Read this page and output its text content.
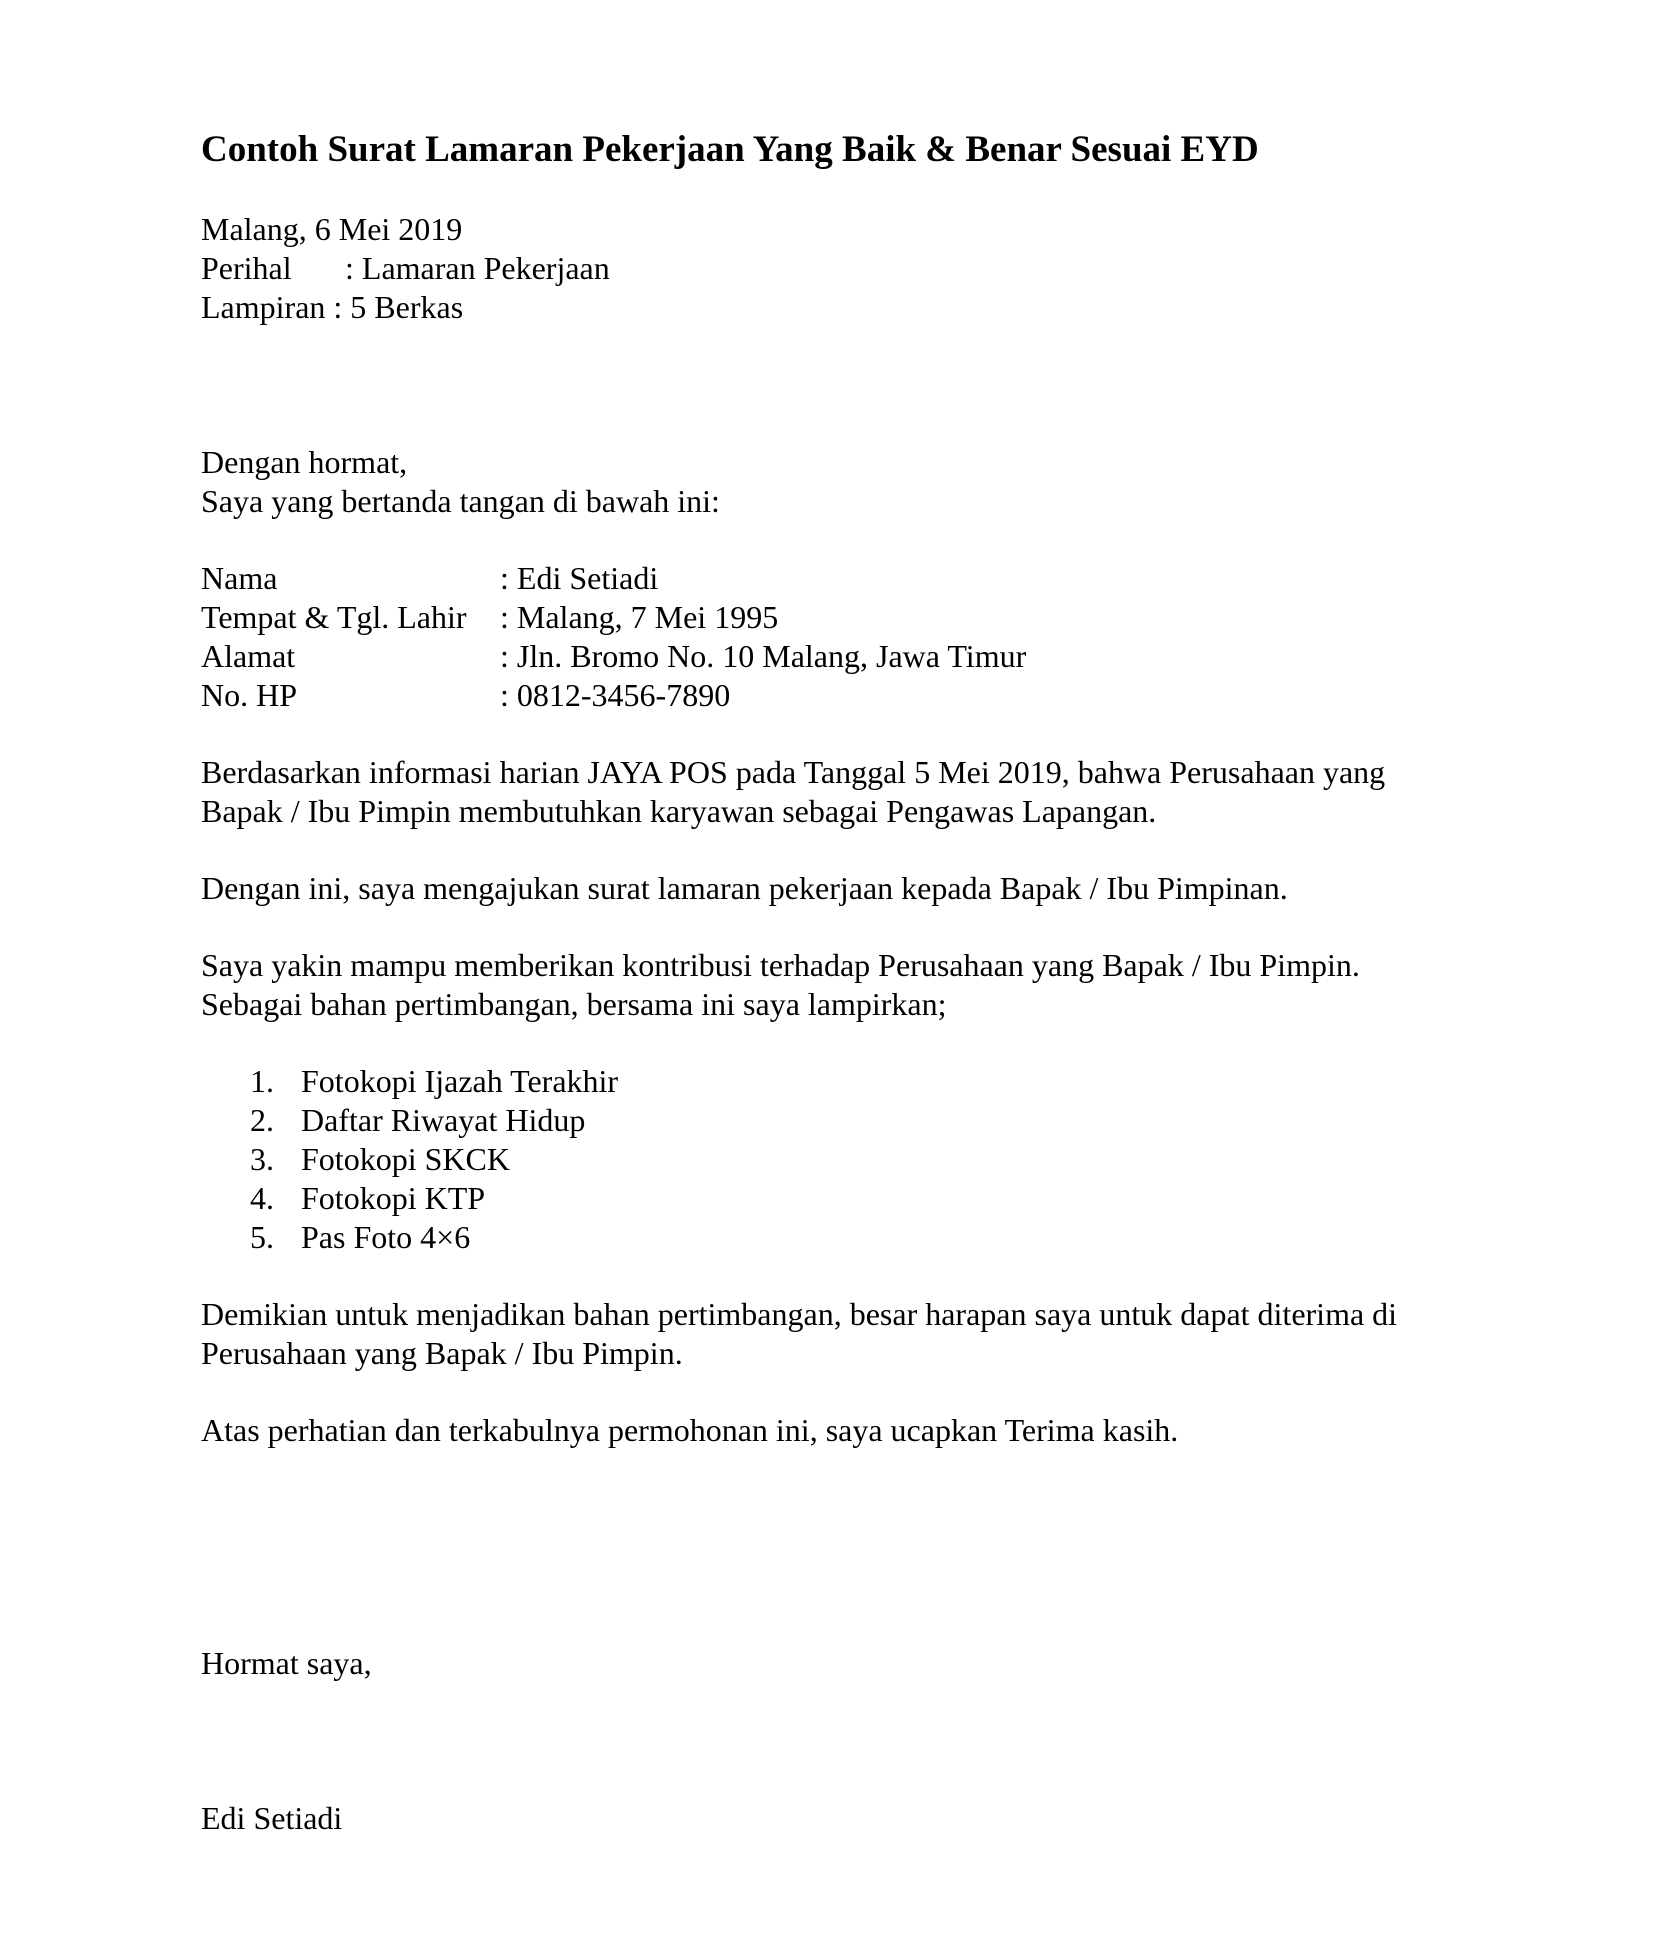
Contoh Surat Lamaran Pekerjaan Yang Baik & Benar Sesuai EYD
Malang, 6 Mei 2019
Perihal : Lamaran Pekerjaan
Lampiran : 5 Berkas
Dengan hormat,
Saya yang bertanda tangan di bawah ini:
Nama	: Edi Setiadi
Tempat & Tgl. Lahir : Malang, 7 Mei 1995
Alamat	: Jln. Bromo No. 10 Malang, Jawa Timur
No. HP	: 0812-3456-7890
Berdasarkan informasi harian JAYA POS pada Tanggal 5 Mei 2019, bahwa Perusahaan yang
Bapak / Ibu Pimpin membutuhkan karyawan sebagai Pengawas Lapangan.
Dengan ini, saya mengajukan surat lamaran pekerjaan kepada Bapak / Ibu Pimpinan.
Saya yakin mampu memberikan kontribusi terhadap Perusahaan yang Bapak / Ibu Pimpin.
Sebagai bahan pertimbangan, bersama ini saya lampirkan;
1. Fotokopi Ijazah Terakhir
2. Daftar Riwayat Hidup
3. Fotokopi SKCK
4. Fotokopi KTP
5. Pas Foto 4×6
Demikian untuk menjadikan bahan pertimbangan, besar harapan saya untuk dapat diterima di
Perusahaan yang Bapak / Ibu Pimpin.
Atas perhatian dan terkabulnya permohonan ini, saya ucapkan Terima kasih.
Hormat saya,
Edi Setiadi
